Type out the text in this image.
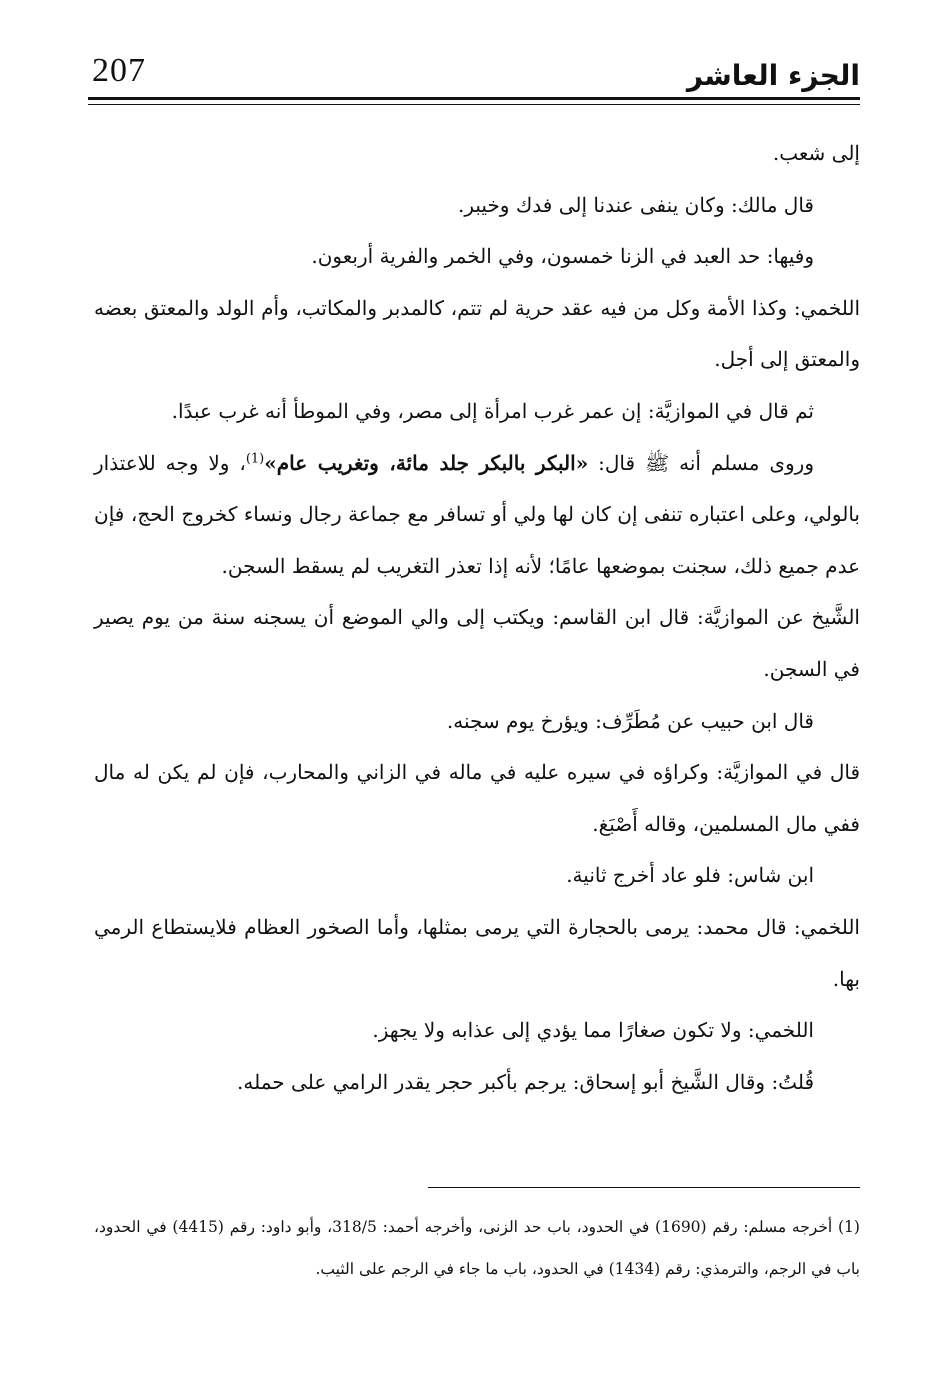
207	الجزء العاشر

إلى شعب.

قال مالك: وكان ينفى عندنا إلى فدك وخيبر.

وفيها: حد العبد في الزنا خمسون، وفي الخمر والفرية أربعون.

اللخمي: وكذا الأمة وكل من فيه عقد حرية لم تتم، كالمدبر والمكاتب، وأم الولد والمعتق بعضه والمعتق إلى أجل.

ثم قال في الموازيَّة: إن عمر غرب امرأة إلى مصر، وفي الموطأ أنه غرب عبدًا.

وروى مسلم أنه ﷺ قال: «البكر بالبكر جلد مائة، وتغريب عام»$^{(1)}$، ولا وجه للاعتذار بالولي، وعلى اعتباره تنفى إن كان لها ولي أو تسافر مع جماعة رجال ونساء كخروج الحج، فإن عدم جميع ذلك، سجنت بموضعها عامًا؛ لأنه إذا تعذر التغريب لم يسقط السجن.

الشَّيخ عن الموازيَّة: قال ابن القاسم: ويكتب إلى والي الموضع أن يسجنه سنة من يوم يصير في السجن.

قال ابن حبيب عن مُطَرِّف: ويؤرخ يوم سجنه.

قال في الموازيَّة: وكراؤه في سيره عليه في ماله في الزاني والمحارب، فإن لم يكن له مال ففي مال المسلمين، وقاله أَصْبَغ.

ابن شاس: فلو عاد أخرج ثانية.

اللخمي: قال محمد: يرمى بالحجارة التي يرمى بمثلها، وأما الصخور العظام فلايستطاع الرمي بها.

اللخمي: ولا تكون صغارًا مما يؤدي إلى عذابه ولا يجهز.

قُلتُ: وقال الشَّيخ أبو إسحاق: يرجم بأكبر حجر يقدر الرامي على حمله.

(1) أخرجه مسلم: رقم (1690) في الحدود، باب حد الزنى، وأخرجه أحمد: 318/5، وأبو داود: رقم (4415) في الحدود، باب في الرجم، والترمذي: رقم (1434) في الحدود، باب ما جاء في الرجم على الثيب.
